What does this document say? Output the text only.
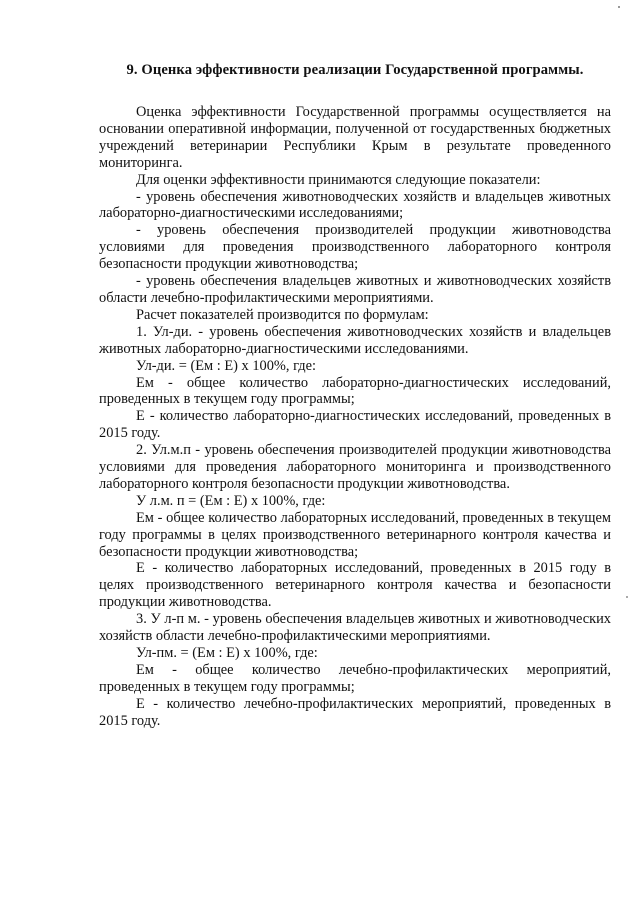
9. Оценка эффективности реализации Государственной программы.

Оценка эффективности Государственной программы осуществляется на основании оперативной информации, полученной от государственных бюджетных учреждений ветеринарии Республики Крым в результате проведенного мониторинга.

Для оценки эффективности принимаются следующие показатели:

- уровень обеспечения животноводческих хозяйств и владельцев животных лабораторно-диагностическими исследованиями;

- уровень обеспечения производителей продукции животноводства условиями для проведения производственного лабораторного контроля безопасности продукции животноводства;

- уровень обеспечения владельцев животных и животноводческих хозяйств области лечебно-профилактическими мероприятиями.

Расчет показателей производится по формулам:

1. Ул-ди. - уровень обеспечения животноводческих хозяйств и владельцев животных лабораторно-диагностическими исследованиями.

Ул-ди. = (Ем : Е) х 100%, где:

Ем - общее количество лабораторно-диагностических исследований, проведенных в текущем году программы;

Е - количество лабораторно-диагностических исследований, проведенных в 2015 году.

2. Ул.м.п - уровень обеспечения производителей продукции животноводства условиями для проведения лабораторного мониторинга и производственного лабораторного контроля безопасности продукции животноводства.

У л.м. п = (Ем : Е) х 100%, где:

Ем - общее количество лабораторных исследований, проведенных в текущем году программы в целях производственного ветеринарного контроля качества и безопасности продукции животноводства;

Е - количество лабораторных исследований, проведенных в 2015 году в целях производственного ветеринарного контроля качества и безопасности продукции животноводства.

3. У л-п м. - уровень обеспечения владельцев животных и животноводческих хозяйств области лечебно-профилактическими мероприятиями.

Ул-пм. = (Ем : Е) х 100%, где:

Ем - общее количество лечебно-профилактических мероприятий, проведенных в текущем году программы;

Е - количество лечебно-профилактических мероприятий, проведенных в 2015 году.
